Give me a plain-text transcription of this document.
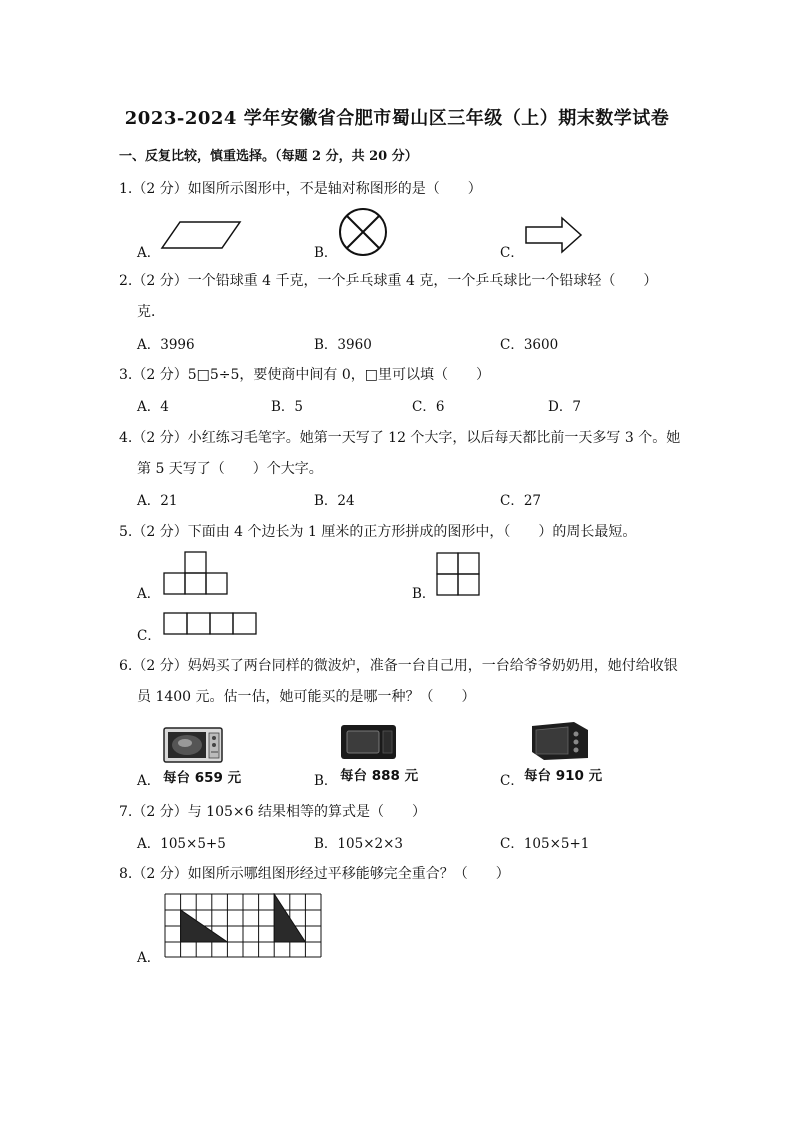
2023-2024 学年安徽省合肥市蜀山区三年级（上）期末数学试卷
一、反复比较，慎重选择。（每题 2 分，共 20 分）
1.（2 分）如图所示图形中，不是轴对称图形的是（　　）
A．	B．	C．
2.（2 分）一个铅球重 4 千克，一个乒乓球重 4 克，一个乒乓球比一个铅球轻（　　）
克．
A．3996	B．3960	C．3600
3.（2 分）5□5÷5，要使商中间有 0，□里可以填（　　）
A．4	B．5	C．6	D．7
4.（2 分）小红练习毛笔字。她第一天写了 12 个大字，以后每天都比前一天多写 3 个。她
第 5 天写了（　　）个大字。
A．21	B．24	C．27
5.（2 分）下面由 4 个边长为 1 厘米的正方形拼成的图形中，（　　）的周长最短。
A．	B．
C．
6.（2 分）妈妈买了两台同样的微波炉，准备一台自己用，一台给爷爷奶奶用，她付给收银
员 1400 元。估一估，她可能买的是哪一种？（　　）
A． 每台 659 元	B． 每台 888 元	C． 每台 910 元
7.（2 分）与 105×6 结果相等的算式是（　　）
A．105×5+5	B．105×2×3	C．105×5+1
8.（2 分）如图所示哪组图形经过平移能够完全重合？（　　）
A．
